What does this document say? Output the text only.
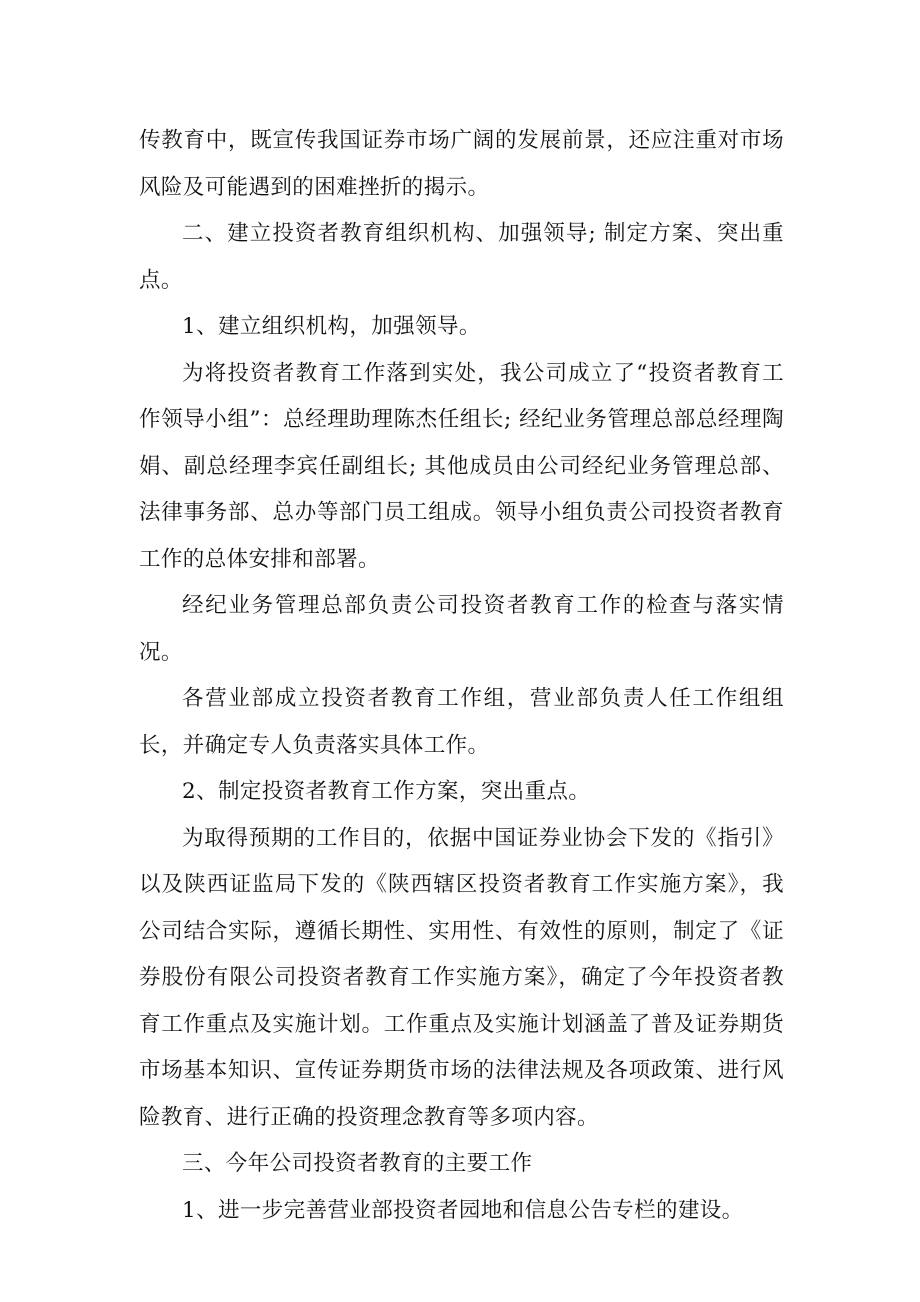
传教育中，既宣传我国证券市场广阔的发展前景，还应注重对市场风险及可能遇到的困难挫折的揭示。

二、建立投资者教育组织机构、加强领导; 制定方案、突出重点。

1、建立组织机构，加强领导。

为将投资者教育工作落到实处，我公司成立了“投资者教育工作领导小组”：总经理助理陈杰任组长; 经纪业务管理总部总经理陶娟、副总经理李宾任副组长; 其他成员由公司经纪业务管理总部、法律事务部、总办等部门员工组成。领导小组负责公司投资者教育工作的总体安排和部署。

经纪业务管理总部负责公司投资者教育工作的检查与落实情况。

各营业部成立投资者教育工作组，营业部负责人任工作组组长，并确定专人负责落实具体工作。

2、制定投资者教育工作方案，突出重点。

为取得预期的工作目的，依据中国证券业协会下发的《指引》以及陕西证监局下发的《陕西辖区投资者教育工作实施方案》，我公司结合实际，遵循长期性、实用性、有效性的原则，制定了《证券股份有限公司投资者教育工作实施方案》，确定了今年投资者教育工作重点及实施计划。工作重点及实施计划涵盖了普及证券期货市场基本知识、宣传证券期货市场的法律法规及各项政策、进行风险教育、进行正确的投资理念教育等多项内容。

三、今年公司投资者教育的主要工作

1、进一步完善营业部投资者园地和信息公告专栏的建设。
